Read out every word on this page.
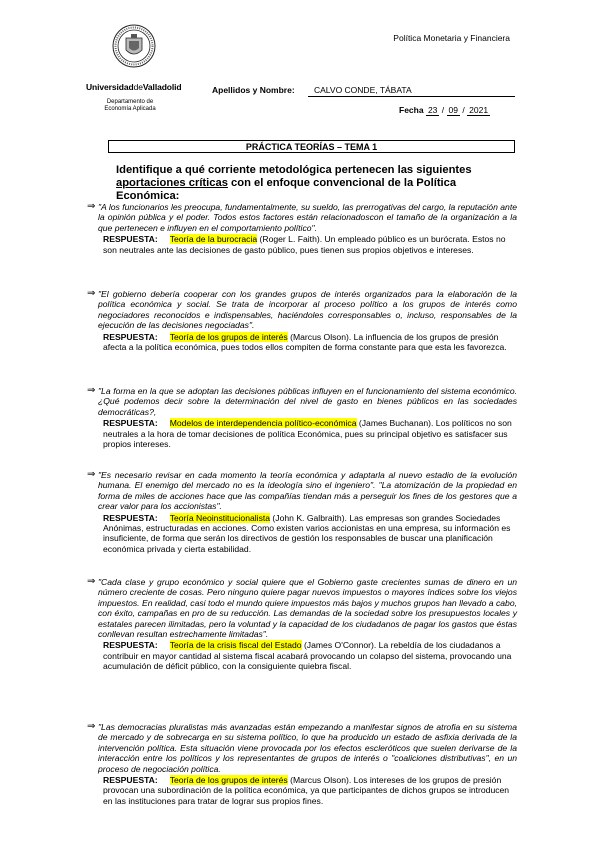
Política Monetaria y Financiera
UniversidaddeValladolid
Departamento de
Economía Aplicada
Apellidos y Nombre:	CALVO CONDE, TÁBATA
Fecha 23 / 09 / 2021
PRÁCTICA TEORÍAS – TEMA 1
Identifique a qué corriente metodológica pertenecen las siguientes aportaciones críticas con el enfoque convencional de la Política Económica:
⇒ "A los funcionarios les preocupa, fundamentalmente, su sueldo, las prerrogativas del cargo, la reputación ante la opinión pública y el poder. Todos estos factores están relacionadoscon el tamaño de la organización a la que pertenecen e influyen en el comportamiento político".
RESPUESTA: Teoría de la burocracia (Roger L. Faith). Un empleado público es un burócrata. Estos no son neutrales ante las decisiones de gasto público, pues tienen sus propios objetivos e intereses.
⇒ "El gobierno debería cooperar con los grandes grupos de interés organizados para la elaboración de la política económica y social. Se trata de incorporar al proceso político a los grupos de interés como negociadores reconocidos e indispensables, haciéndoles corresponsables o, incluso, responsables de la ejecución de las decisiones negociadas".
RESPUESTA: Teoría de los grupos de interés (Marcus Olson). La influencia de los grupos de presión afecta a la política económica, pues todos ellos compiten de forma constante para que esta les favorezca.
⇒ "La forma en la que se adoptan las decisiones públicas influyen en el funcionamiento del sistema económico. ¿Qué podemos decir sobre la determinación del nivel de gasto en bienes públicos en las sociedades democráticas?,
RESPUESTA: Modelos de interdependencia político-económica (James Buchanan). Los políticos no son neutrales a la hora de tomar decisiones de política Económica, pues su principal objetivo es satisfacer sus propios intereses.
⇒ "Es necesario revisar en cada momento la teoría económica y adaptarla al nuevo estadio de la evolución humana. El enemigo del mercado no es la ideología sino el ingeniero". "La atomización de la propiedad en forma de miles de acciones hace que las compañías tiendan más a perseguir los fines de los gestores que a crear valor para los accionistas".
RESPUESTA: Teoría Neoinstitucionalista (John K. Galbraith). Las empresas son grandes Sociedades Anónimas, estructuradas en acciones. Como existen varios accionistas en una empresa, su información es insuficiente, de forma que serán los directivos de gestión los responsables de buscar una planificación económica privada y cierta estabilidad.
⇒ "Cada clase y grupo económico y social quiere que el Gobierno gaste crecientes sumas de dinero en un número creciente de cosas. Pero ninguno quiere pagar nuevos impuestos o mayores índices sobre los viejos impuestos. En realidad, casi todo el mundo quiere impuestos más bajos y muchos grupos han llevado a cabo, con éxito, campañas en pro de su reducción. Las demandas de la sociedad sobre los presupuestos locales y estatales parecen ilimitadas, pero la voluntad y la capacidad de los ciudadanos de pagar los gastos que éstas conllevan resultan estrechamente limitadas".
RESPUESTA: Teoría de la crisis fiscal del Estado (James O'Connor). La rebeldía de los ciudadanos a contribuir en mayor cantidad al sistema fiscal acabará provocando un colapso del sistema, provocando una acumulación de déficit público, con la consiguiente quiebra fiscal.
⇒ "Las democracias pluralistas más avanzadas están empezando a manifestar signos de atrofia en su sistema de mercado y de sobrecarga en su sistema político, lo que ha producido un estado de asfixia derivada de la intervención política. Esta situación viene provocada por los efectos escleróticos que suelen derivarse de la interacción entre los políticos y los representantes de grupos de interés o "coaliciones distributivas", en un proceso de negociación política.
RESPUESTA: Teoría de los grupos de interés (Marcus Olson). Los intereses de los grupos de presión provocan una subordinación de la política económica, ya que participantes de dichos grupos se introducen en las instituciones para tratar de lograr sus propios fines.
